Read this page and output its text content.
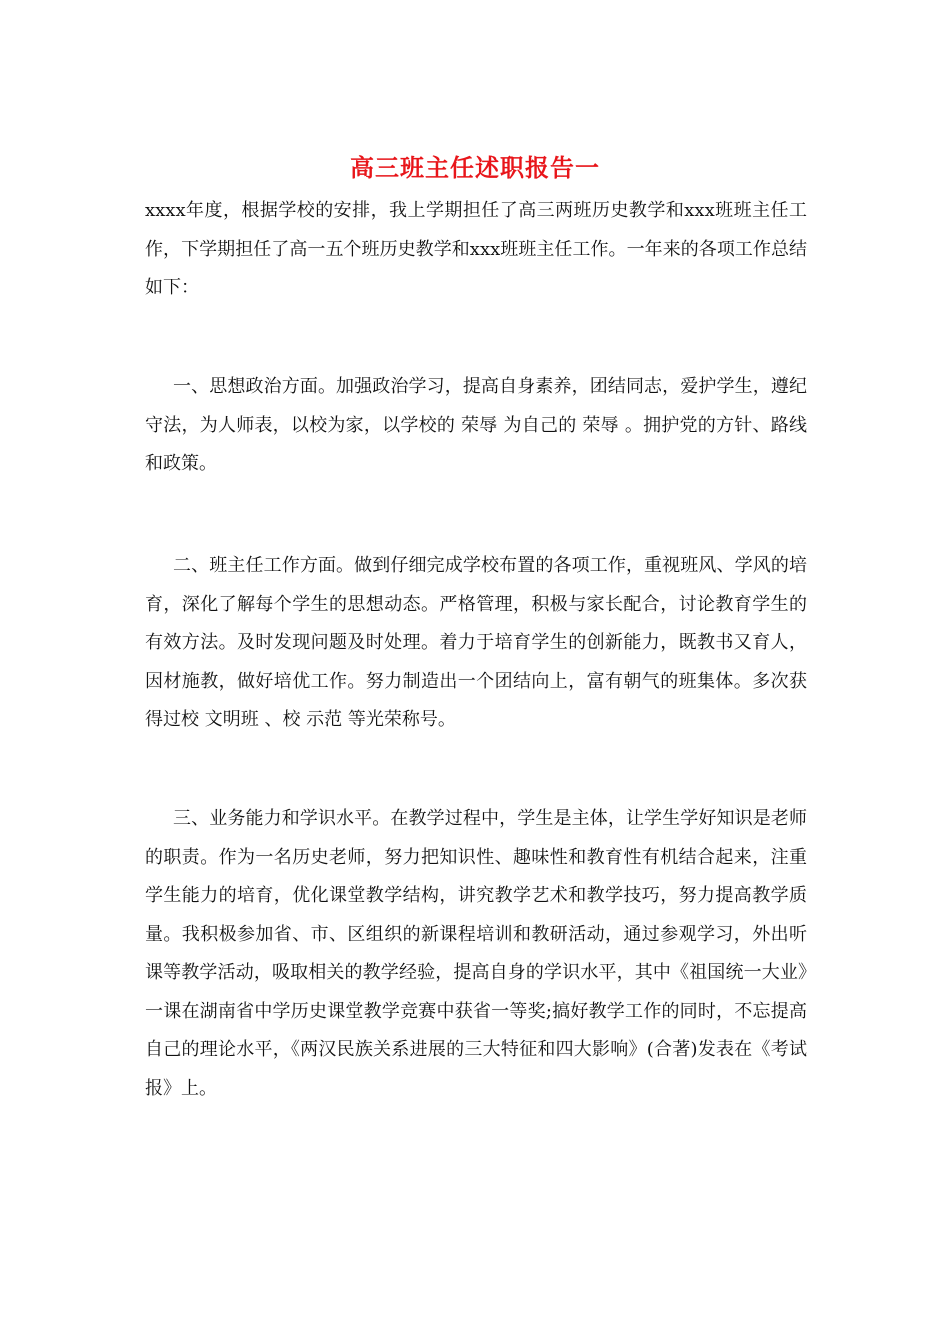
高三班主任述职报告一

xxxx年度，根据学校的安排，我上学期担任了高三两班历史教学和xxx班班主任工作，下学期担任了高一五个班历史教学和xxx班班主任工作。一年来的各项工作总结如下：

一、思想政治方面。加强政治学习，提高自身素养，团结同志，爱护学生，遵纪守法，为人师表，以校为家，以学校的 荣辱 为自己的 荣辱 。拥护党的方针、路线和政策。

二、班主任工作方面。做到仔细完成学校布置的各项工作，重视班风、学风的培育，深化了解每个学生的思想动态。严格管理，积极与家长配合，讨论教育学生的有效方法。及时发现问题及时处理。着力于培育学生的创新能力，既教书又育人，因材施教，做好培优工作。努力制造出一个团结向上，富有朝气的班集体。多次获得过校 文明班 、校 示范 等光荣称号。

三、业务能力和学识水平。在教学过程中，学生是主体，让学生学好知识是老师的职责。作为一名历史老师，努力把知识性、趣味性和教育性有机结合起来，注重学生能力的培育，优化课堂教学结构，讲究教学艺术和教学技巧，努力提高教学质量。我积极参加省、市、区组织的新课程培训和教研活动，通过参观学习，外出听课等教学活动，吸取相关的教学经验，提高自身的学识水平，其中《祖国统一大业》一课在湖南省中学历史课堂教学竞赛中获省一等奖;搞好教学工作的同时，不忘提高自己的理论水平，《两汉民族关系进展的三大特征和四大影响》(合著)发表在《考试报》上。
